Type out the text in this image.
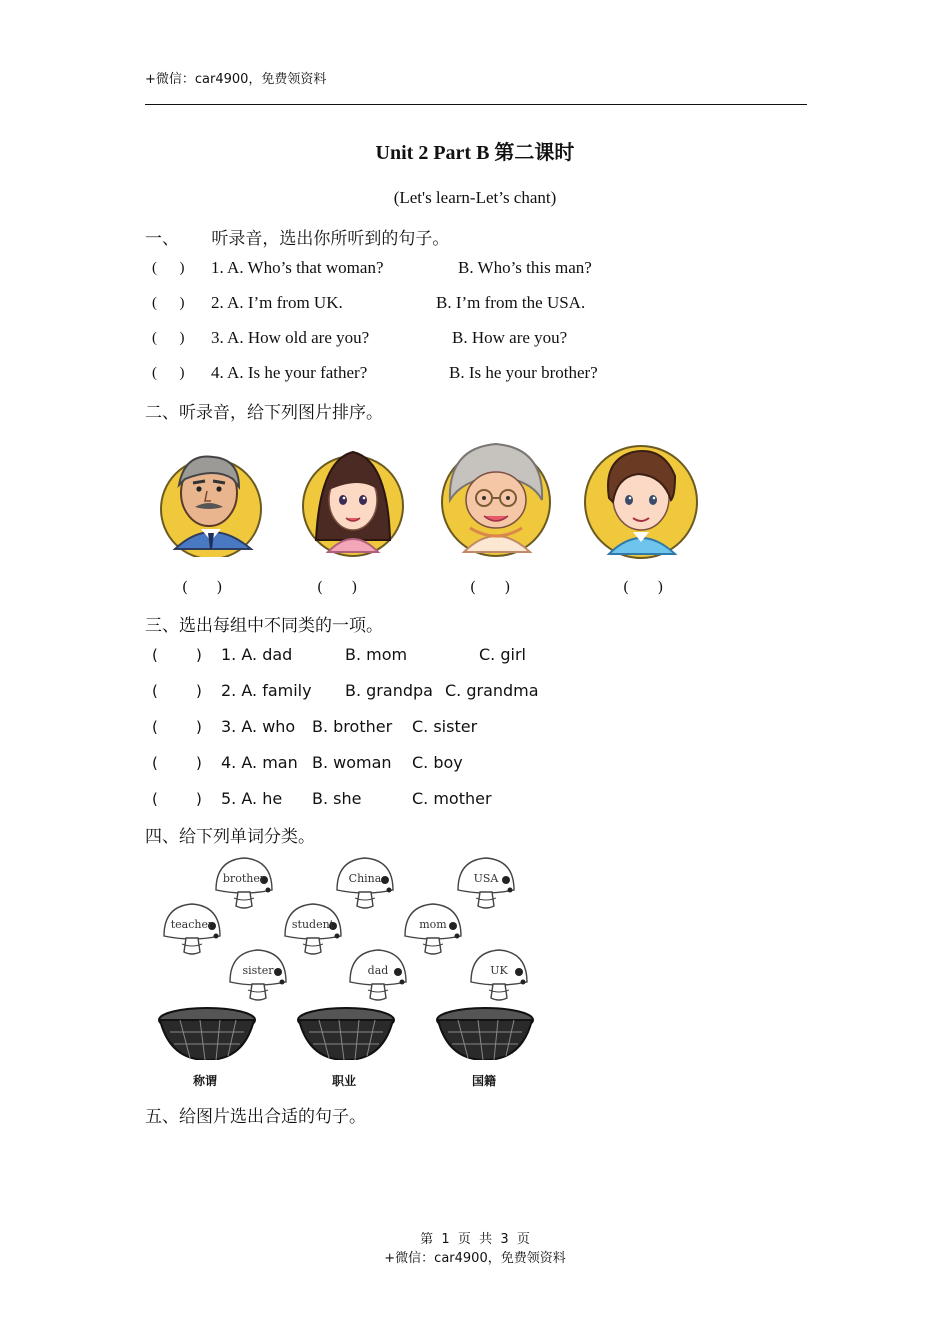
+微信：car4900，免费领资料
Unit 2 Part B 第二课时
(Let's learn-Let’s chant)
一、      听录音，选出你所听到的句子。
(      ) 1. A. Who’s that woman?	B. Who’s this man?
(      ) 2. A. I’m from UK.	B. I’m from the USA.
(      ) 3. A. How old are you?	B. How are you?
(      ) 4. A. Is he your father?	B. Is he your brother?
二、听录音，给下列图片排序。
(      )	(      )	(      )	(      )
三、选出每组中不同类的一项。
(        ) 1. A. dad	B. mom	C. girl
(        ) 2. A. family B. grandpa C. grandma
(        ) 3. A. who B. brother C. sister
(        ) 4. A. man B. woman C. boy
(        ) 5. A. he B. she	C. mother
四、给下列单词分类。
brother	China	USA
teacher	student	mom
sister	dad	UK
称谓	职业	国籍
五、给图片选出合适的句子。
第  1  页  共  3  页
+微信：car4900，免费领资料
